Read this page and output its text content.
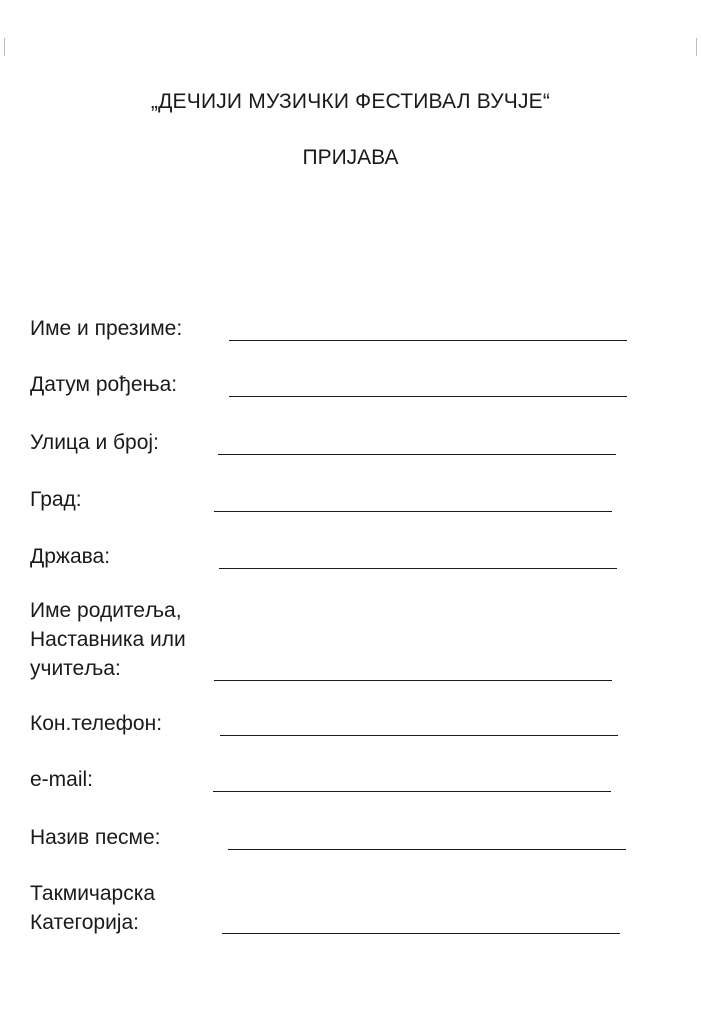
„ДЕЧИЈИ МУЗИЧКИ ФЕСТИВАЛ ВУЧЈЕ“
ПРИЈАВА
Име и презиме:
Датум рођења:
Улица и број:
Град:
Држава:
Име родитеља,
Наставника или
учитеља:
Кон.телефон:
e-mail:
Назив песме:
Такмичарска
Категорија:
